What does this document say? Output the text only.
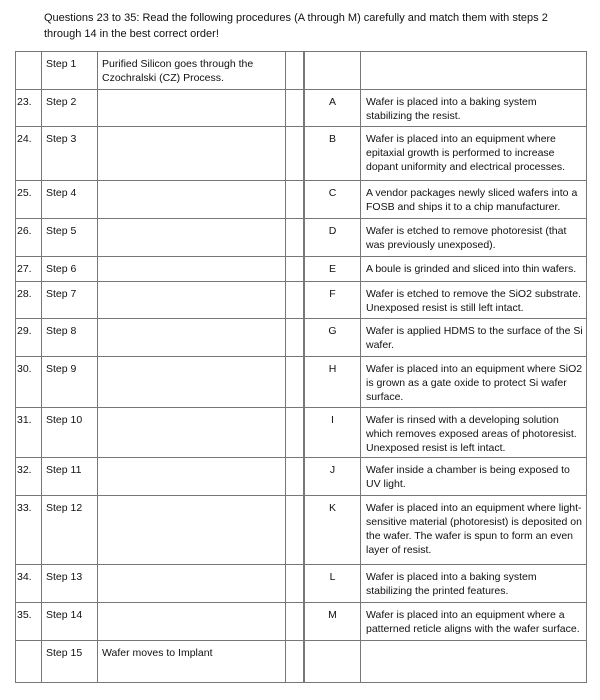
Questions 23 to 35: Read the following procedures (A through M) carefully and match them with steps 2 through 14 in the best correct order!
Step 1	Purified Silicon goes through the Czochralski (CZ) Process.
23.	Step 2	A	Wafer is placed into a baking system stabilizing the resist.
24.	Step 3	B	Wafer is placed into an equipment where epitaxial growth is performed to increase dopant uniformity and electrical processes.
25.	Step 4	C	A vendor packages newly sliced wafers into a FOSB and ships it to a chip manufacturer.
26.	Step 5	D	Wafer is etched to remove photoresist (that was previously unexposed).
27.	Step 6	E	A boule is grinded and sliced into thin wafers.
28.	Step 7	F	Wafer is etched to remove the SiO2 substrate. Unexposed resist is still left intact.
29.	Step 8	G	Wafer is applied HDMS to the surface of the Si wafer.
30.	Step 9	H	Wafer is placed into an equipment where SiO2 is grown as a gate oxide to protect Si wafer surface.
31.	Step 10	I	Wafer is rinsed with a developing solution which removes exposed areas of photoresist. Unexposed resist is left intact.
32.	Step 11	J	Wafer inside a chamber is being exposed to UV light.
33.	Step 12	K	Wafer is placed into an equipment where light-sensitive material (photoresist) is deposited on the wafer. The wafer is spun to form an even layer of resist.
34.	Step 13	L	Wafer is placed into a baking system stabilizing the printed features.
35.	Step 14	M	Wafer is placed into an equipment where a patterned reticle aligns with the wafer surface.
Step 15	Wafer moves to Implant
